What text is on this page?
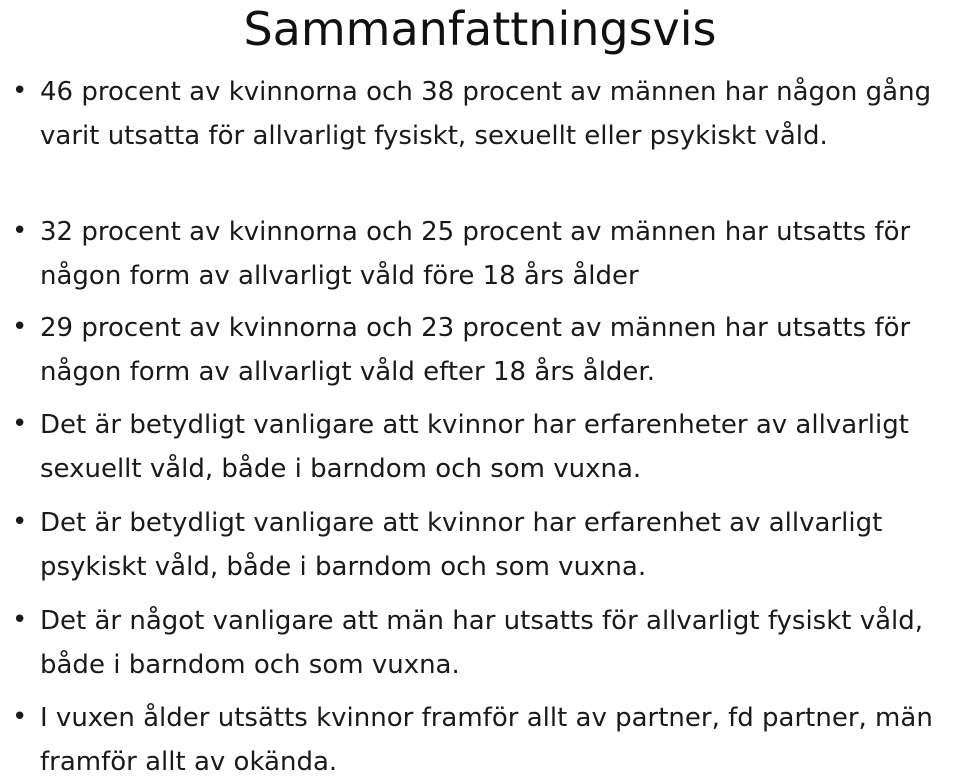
Sammanfattningsvis
• 46 procent av kvinnorna och 38 procent av männen har någon gång varit utsatta för allvarligt fysiskt, sexuellt eller psykiskt våld.
• 32 procent av kvinnorna och 25 procent av männen har utsatts för någon form av allvarligt våld före 18 års ålder
• 29 procent av kvinnorna och 23 procent av männen har utsatts för någon form av allvarligt våld efter 18 års ålder.
• Det är betydligt vanligare att kvinnor har erfarenheter av allvarligt sexuellt våld, både i barndom och som vuxna.
• Det är betydligt vanligare att kvinnor har erfarenhet av allvarligt psykiskt våld, både i barndom och som vuxna.
• Det är något vanligare att män har utsatts för allvarligt fysiskt våld, både i barndom och som vuxna.
• I vuxen ålder utsätts kvinnor framför allt av partner, fd partner, män framför allt av okända.
